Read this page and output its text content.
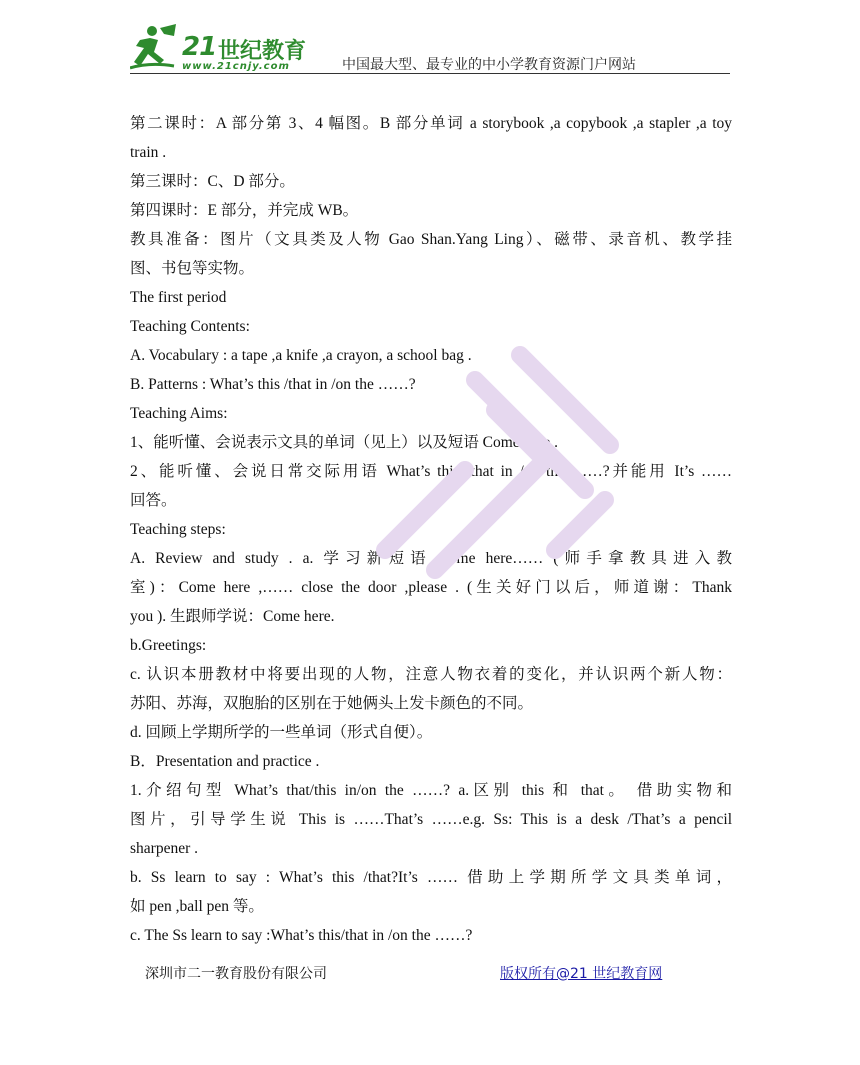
21 世纪教育
www.21cnjy.com	中国最大型、最专业的中小学教育资源门户网站
第二课时：A 部分第 3、4 幅图。B 部分单词 a storybook ,a copybook ,a stapler ,a toy
train .
第三课时：C、D 部分。
第四课时：E 部分，并完成 WB。
教具准备：图片（文具类及人物 Gao Shan.Yang Ling）、磁带、录音机、教学挂
图、书包等实物。
The first period
Teaching Contents:
A. Vocabulary : a tape ,a knife ,a crayon, a school bag .
B. Patterns : What’s this /that in /on the ……?
Teaching Aims:
1、能听懂、会说表示文具的单词（见上）以及短语 Come here .
2、能听懂、会说日常交际用语 What’s this /that in /on the ……?并能用 It’s ……
回答。
Teaching steps:
A. Review and study . a. 学习新短语 come here…… (师手拿教具进入教
室)：Come here ,…… close the door ,please . (生关好门以后，师道谢：Thank
you ). 生跟师学说：Come here.
b.Greetings:
c. 认识本册教材中将要出现的人物，注意人物衣着的变化，并认识两个新人物：
苏阳、苏海，双胞胎的区别在于她俩头上发卡颜色的不同。
d. 回顾上学期所学的一些单词（形式自便）。
B．Presentation and practice .
1.介绍句型 What’s that/this in/on the ……? a.区别 this 和 that。 借助实物和
图片，引导学生说 This is ……That’s ……e.g. Ss: This is a desk /That’s a pencil
sharpener .
b. Ss learn to say : What’s this /that?It’s …… 借助上学期所学文具类单词，
如 pen ,ball pen 等。
c. The Ss learn to say :What’s this/that in /on the ……?
深圳市二一教育股份有限公司	版权所有@21 世纪教育网
